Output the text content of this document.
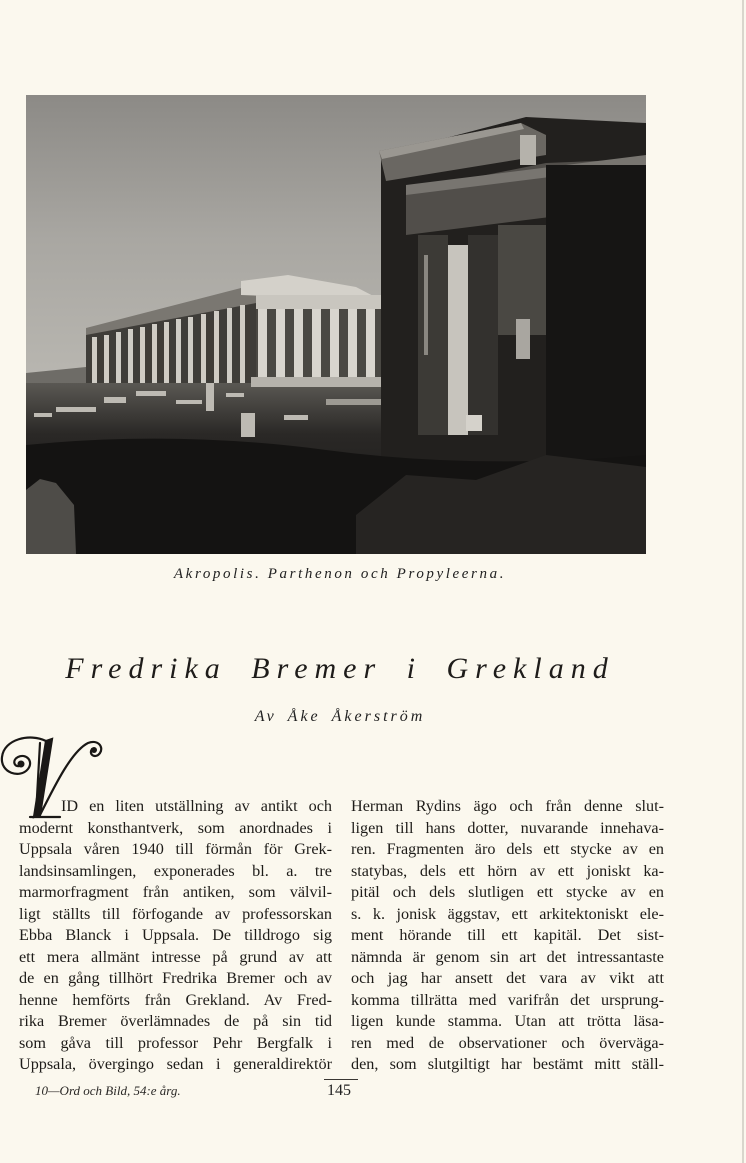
Akropolis. Parthenon och Propyleerna.
Fredrika Bremer i Grekland
Av Åke Åkerström
ID en liten utställning av antikt och
modernt konsthantverk, som anordnades i
Uppsala våren 1940 till förmån för Grek-
landsinsamlingen, exponerades bl. a. tre
marmorfragment från antiken, som välvil-
ligt ställts till förfogande av professorskan
Ebba Blanck i Uppsala. De tilldrogo sig
ett mera allmänt intresse på grund av att
de en gång tillhört Fredrika Bremer och av
henne hemförts från Grekland. Av Fred-
rika Bremer överlämnades de på sin tid
som gåva till professor Pehr Bergfalk i
Uppsala, övergingo sedan i generaldirektör
Herman Rydins ägo och från denne slut-
ligen till hans dotter, nuvarande innehava-
ren. Fragmenten äro dels ett stycke av en
statybas, dels ett hörn av ett joniskt ka-
pitäl och dels slutligen ett stycke av en
s. k. jonisk äggstav, ett arkitektoniskt ele-
ment hörande till ett kapitäl. Det sist-
nämnda är genom sin art det intressantaste
och jag har ansett det vara av vikt att
komma tillrätta med varifrån det ursprung-
ligen kunde stamma. Utan att trötta läsa-
ren med de observationer och överväga-
den, som slutgiltigt har bestämt mitt ställ-
10—Ord och Bild, 54:e årg.	145
